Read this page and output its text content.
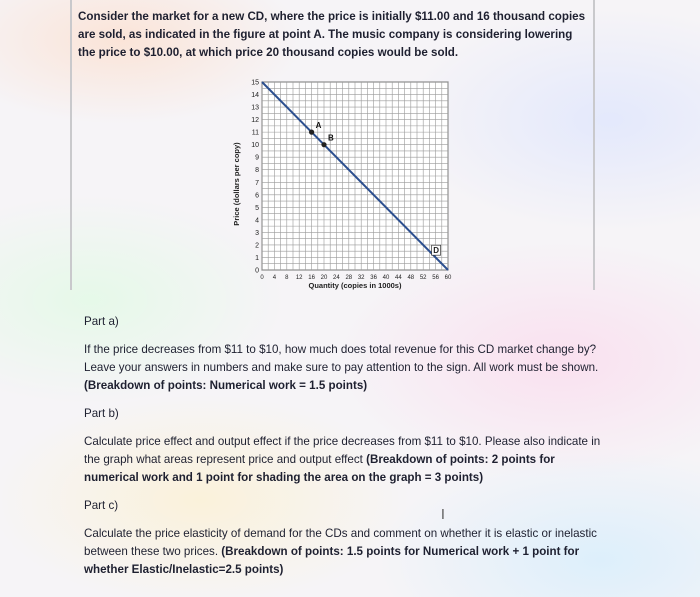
Consider the market for a new CD, where the price is initially $11.00 and 16 thousand copies are sold, as indicated in the figure at point A. The music company is considering lowering the price to $10.00, at which price 20 thousand copies would be sold.
0
1
2
3
4
5
6
7
8
9
10
11
12
13
14
15
0 4 8 12 16 20 24 28 32 36 40 44 48 52 56 60
D
A
B
Price (dollars per copy)
Quantity (copies in 1000s)
Part a)
If the price decreases from $11 to $10, how much does total revenue for this CD market change by? Leave your answers in numbers and make sure to pay attention to the sign. All work must be shown. (Breakdown of points: Numerical work = 1.5 points)
Part b)
Calculate price effect and output effect if the price decreases from $11 to $10. Please also indicate in the graph what areas represent price and output effect (Breakdown of points: 2 points for numerical work and 1 point for shading the area on the graph = 3 points)
Part c)
Calculate the price elasticity of demand for the CDs and comment on whether it is elastic or inelastic between these two prices. (Breakdown of points: 1.5 points for Numerical work + 1 point for whether Elastic/Inelastic=2.5 points)
I
